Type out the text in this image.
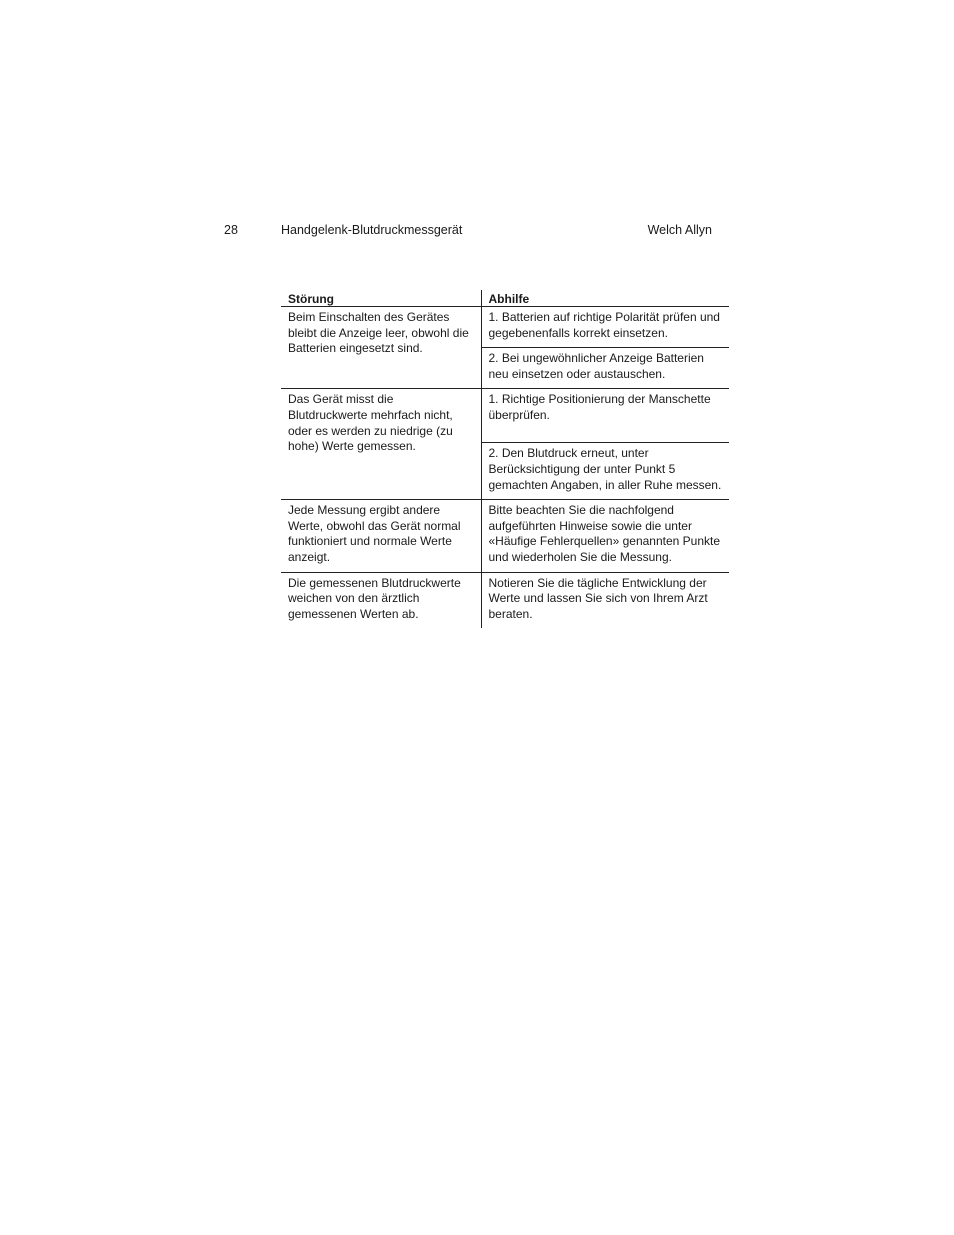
28	Handgelenk-Blutdruckmessgerät	Welch Allyn
Störung	Abhilfe
Beim Einschalten des Gerätes bleibt die Anzeige leer, obwohl die Batterien eingesetzt sind.	1. Batterien auf richtige Polarität prüfen und gegebenenfalls korrekt einsetzen.
	2. Bei ungewöhnlicher Anzeige Batterien neu einsetzen oder austauschen.
Das Gerät misst die Blutdruckwerte mehrfach nicht, oder es werden zu niedrige (zu hohe) Werte gemessen.	1. Richtige Positionierung der Manschette überprüfen.
	2. Den Blutdruck erneut, unter Berücksichtigung der unter Punkt 5 gemachten Angaben, in aller Ruhe messen.
Jede Messung ergibt andere Werte, obwohl das Gerät normal funktioniert und normale Werte anzeigt.	Bitte beachten Sie die nachfolgend aufgeführten Hinweise sowie die unter «Häufige Fehlerquellen» genannten Punkte und wiederholen Sie die Messung.
Die gemessenen Blutdruckwerte weichen von den ärztlich gemessenen Werten ab.	Notieren Sie die tägliche Entwicklung der Werte und lassen Sie sich von Ihrem Arzt beraten.
